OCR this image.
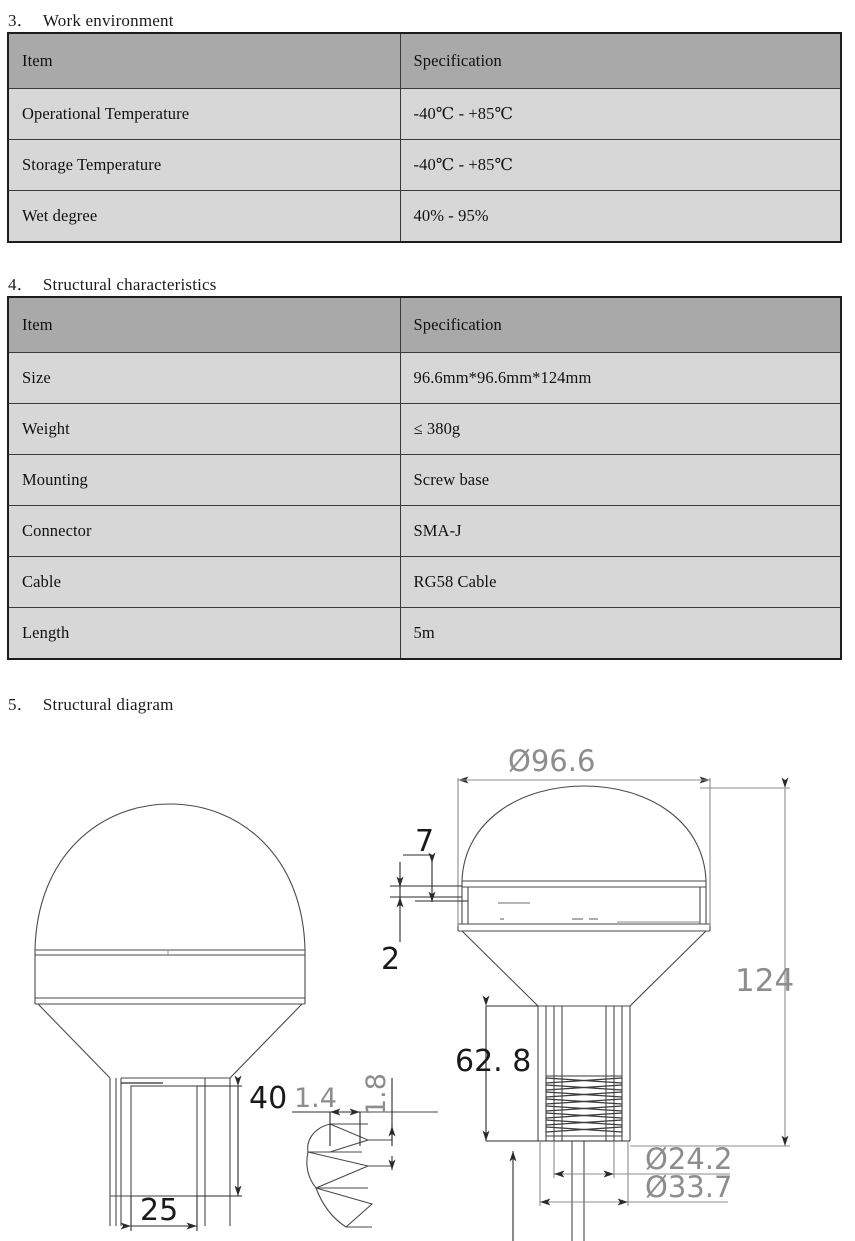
3． Work environment
Item	Specification
Operational Temperature	-40℃ - +85℃
Storage Temperature	-40℃ - +85℃
Wet degree	40% - 95%
4． Structural characteristics
Item	Specification
Size	96.6mm*96.6mm*124mm
Weight	≤ 380g
Mounting	Screw base
Connector	SMA-J
Cable	RG58 Cable
Length	5m
5． Structural diagram
40
25
1.4 1.8
Ø96.6
124
62. 8
7
2
Ø24.2
Ø33.7
